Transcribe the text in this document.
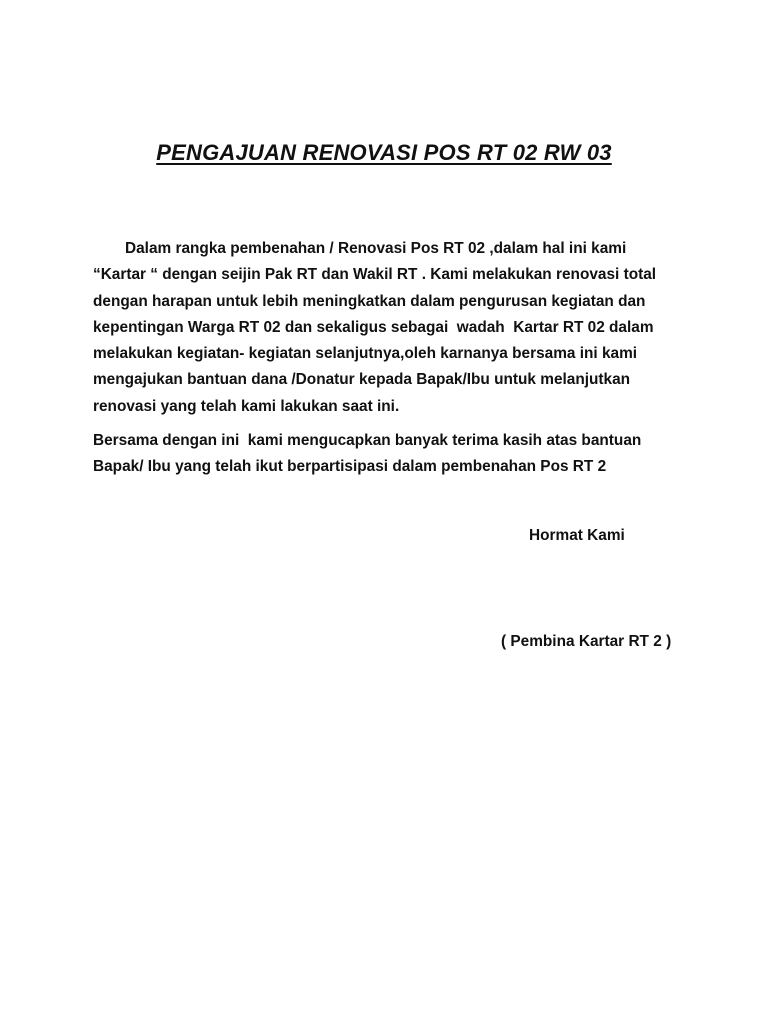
PENGAJUAN RENOVASI POS RT 02 RW 03
Dalam rangka pembenahan / Renovasi Pos RT 02 ,dalam hal ini kami
“Kartar “ dengan seijin Pak RT dan Wakil RT . Kami melakukan renovasi total
dengan harapan untuk lebih meningkatkan dalam pengurusan kegiatan dan
kepentingan Warga RT 02 dan sekaligus sebagai  wadah  Kartar RT 02 dalam
melakukan kegiatan- kegiatan selanjutnya,oleh karnanya bersama ini kami
mengajukan bantuan dana /Donatur kepada Bapak/Ibu untuk melanjutkan
renovasi yang telah kami lakukan saat ini.
Bersama dengan ini  kami mengucapkan banyak terima kasih atas bantuan
Bapak/ Ibu yang telah ikut berpartisipasi dalam pembenahan Pos RT 2
Hormat Kami
( Pembina Kartar RT 2 )
